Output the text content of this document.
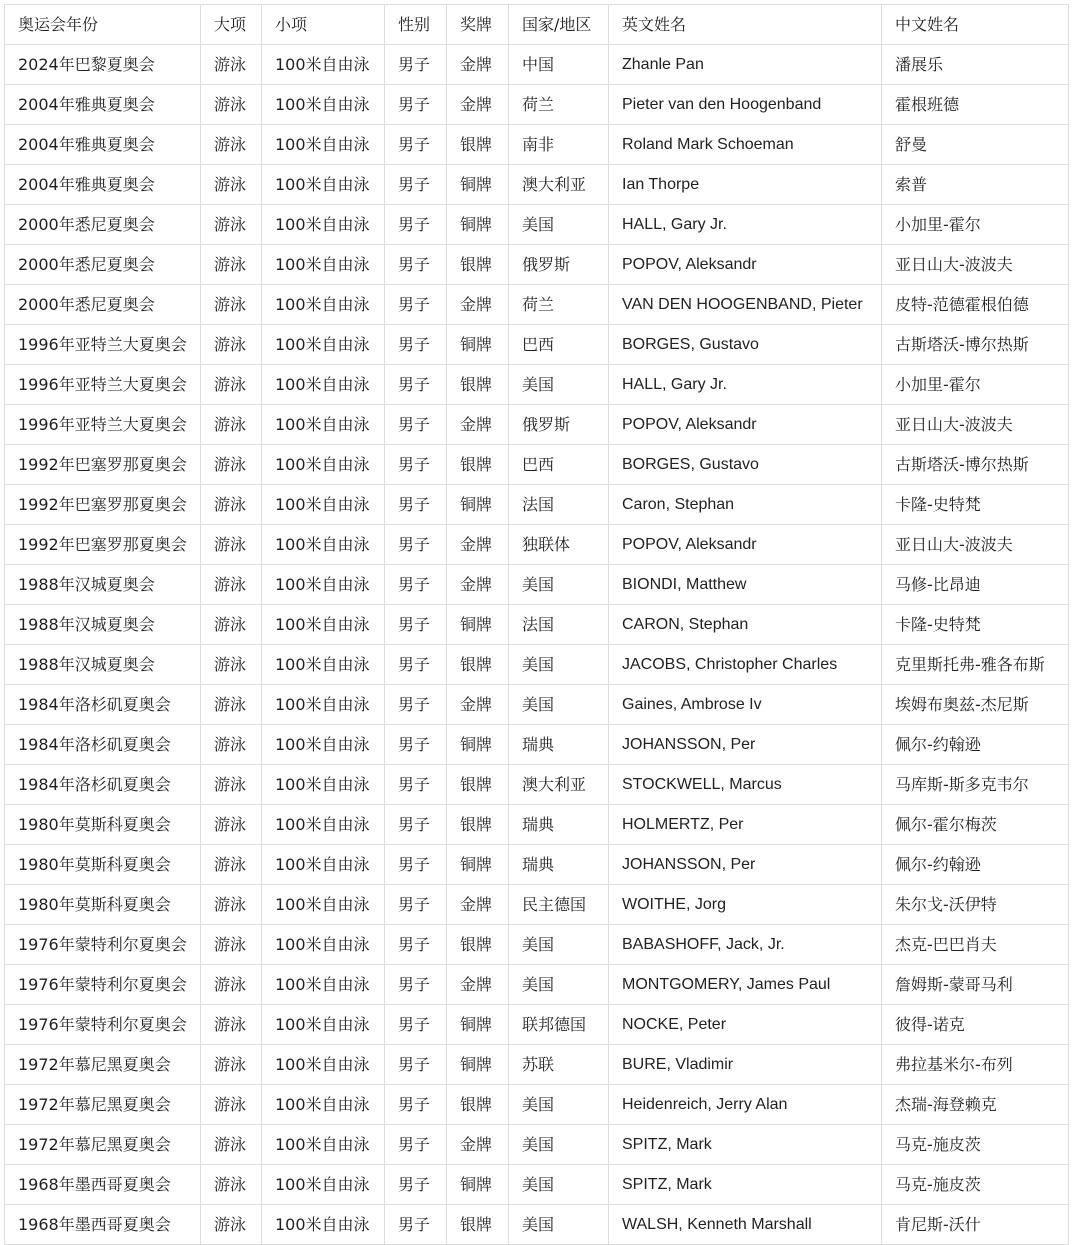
奥运会年份	大项	小项	性别	奖牌	国家/地区	英文姓名	中文姓名
2024年巴黎夏奥会	游泳	100米自由泳	男子	金牌	中国	Zhanle Pan	潘展乐
2004年雅典夏奥会	游泳	100米自由泳	男子	金牌	荷兰	Pieter van den Hoogenband	霍根班德
2004年雅典夏奥会	游泳	100米自由泳	男子	银牌	南非	Roland Mark Schoeman	舒曼
2004年雅典夏奥会	游泳	100米自由泳	男子	铜牌	澳大利亚	Ian Thorpe	索普
2000年悉尼夏奥会	游泳	100米自由泳	男子	铜牌	美国	HALL, Gary Jr.	小加里-霍尔
2000年悉尼夏奥会	游泳	100米自由泳	男子	银牌	俄罗斯	POPOV, Aleksandr	亚日山大-波波夫
2000年悉尼夏奥会	游泳	100米自由泳	男子	金牌	荷兰	VAN DEN HOOGENBAND, Pieter	皮特-范德霍根伯德
1996年亚特兰大夏奥会	游泳	100米自由泳	男子	铜牌	巴西	BORGES, Gustavo	古斯塔沃-博尔热斯
1996年亚特兰大夏奥会	游泳	100米自由泳	男子	银牌	美国	HALL, Gary Jr.	小加里-霍尔
1996年亚特兰大夏奥会	游泳	100米自由泳	男子	金牌	俄罗斯	POPOV, Aleksandr	亚日山大-波波夫
1992年巴塞罗那夏奥会	游泳	100米自由泳	男子	银牌	巴西	BORGES, Gustavo	古斯塔沃-博尔热斯
1992年巴塞罗那夏奥会	游泳	100米自由泳	男子	铜牌	法国	Caron, Stephan	卡隆-史特梵
1992年巴塞罗那夏奥会	游泳	100米自由泳	男子	金牌	独联体	POPOV, Aleksandr	亚日山大-波波夫
1988年汉城夏奥会	游泳	100米自由泳	男子	金牌	美国	BIONDI, Matthew	马修-比昂迪
1988年汉城夏奥会	游泳	100米自由泳	男子	铜牌	法国	CARON, Stephan	卡隆-史特梵
1988年汉城夏奥会	游泳	100米自由泳	男子	银牌	美国	JACOBS, Christopher Charles	克里斯托弗-雅各布斯
1984年洛杉矶夏奥会	游泳	100米自由泳	男子	金牌	美国	Gaines, Ambrose Iv	埃姆布奥兹-杰尼斯
1984年洛杉矶夏奥会	游泳	100米自由泳	男子	铜牌	瑞典	JOHANSSON, Per	佩尔-约翰逊
1984年洛杉矶夏奥会	游泳	100米自由泳	男子	银牌	澳大利亚	STOCKWELL, Marcus	马库斯-斯多克韦尔
1980年莫斯科夏奥会	游泳	100米自由泳	男子	银牌	瑞典	HOLMERTZ, Per	佩尔-霍尔梅茨
1980年莫斯科夏奥会	游泳	100米自由泳	男子	铜牌	瑞典	JOHANSSON, Per	佩尔-约翰逊
1980年莫斯科夏奥会	游泳	100米自由泳	男子	金牌	民主德国	WOITHE, Jorg	朱尔戈-沃伊特
1976年蒙特利尔夏奥会	游泳	100米自由泳	男子	银牌	美国	BABASHOFF, Jack, Jr.	杰克-巴巴肖夫
1976年蒙特利尔夏奥会	游泳	100米自由泳	男子	金牌	美国	MONTGOMERY, James Paul	詹姆斯-蒙哥马利
1976年蒙特利尔夏奥会	游泳	100米自由泳	男子	铜牌	联邦德国	NOCKE, Peter	彼得-诺克
1972年慕尼黑夏奥会	游泳	100米自由泳	男子	铜牌	苏联	BURE, Vladimir	弗拉基米尔-布列
1972年慕尼黑夏奥会	游泳	100米自由泳	男子	银牌	美国	Heidenreich, Jerry Alan	杰瑞-海登赖克
1972年慕尼黑夏奥会	游泳	100米自由泳	男子	金牌	美国	SPITZ, Mark	马克-施皮茨
1968年墨西哥夏奥会	游泳	100米自由泳	男子	铜牌	美国	SPITZ, Mark	马克-施皮茨
1968年墨西哥夏奥会	游泳	100米自由泳	男子	银牌	美国	WALSH, Kenneth Marshall	肯尼斯-沃什
